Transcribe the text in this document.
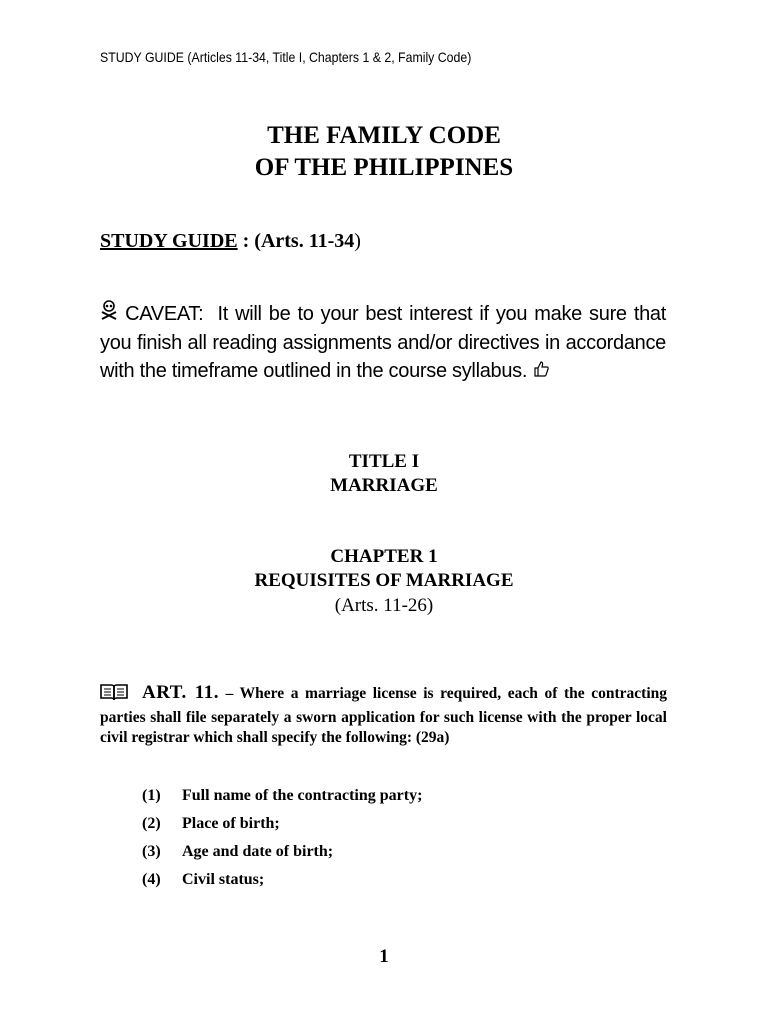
STUDY GUIDE (Articles 11-34, Title I, Chapters 1 & 2, Family Code)
THE FAMILY CODE
OF THE PHILIPPINES
STUDY GUIDE : (Arts. 11-34)
CAVEAT: It will be to your best interest if you make sure that you finish all reading assignments and/or directives in accordance with the timeframe outlined in the course syllabus.
TITLE I
MARRIAGE
CHAPTER 1
REQUISITES OF MARRIAGE
(Arts. 11-26)
ART. 11. – Where a marriage license is required, each of the contracting parties shall file separately a sworn application for such license with the proper local civil registrar which shall specify the following: (29a)
(1)	Full name of the contracting party;
(2)	Place of birth;
(3)	Age and date of birth;
(4)	Civil status;
1
